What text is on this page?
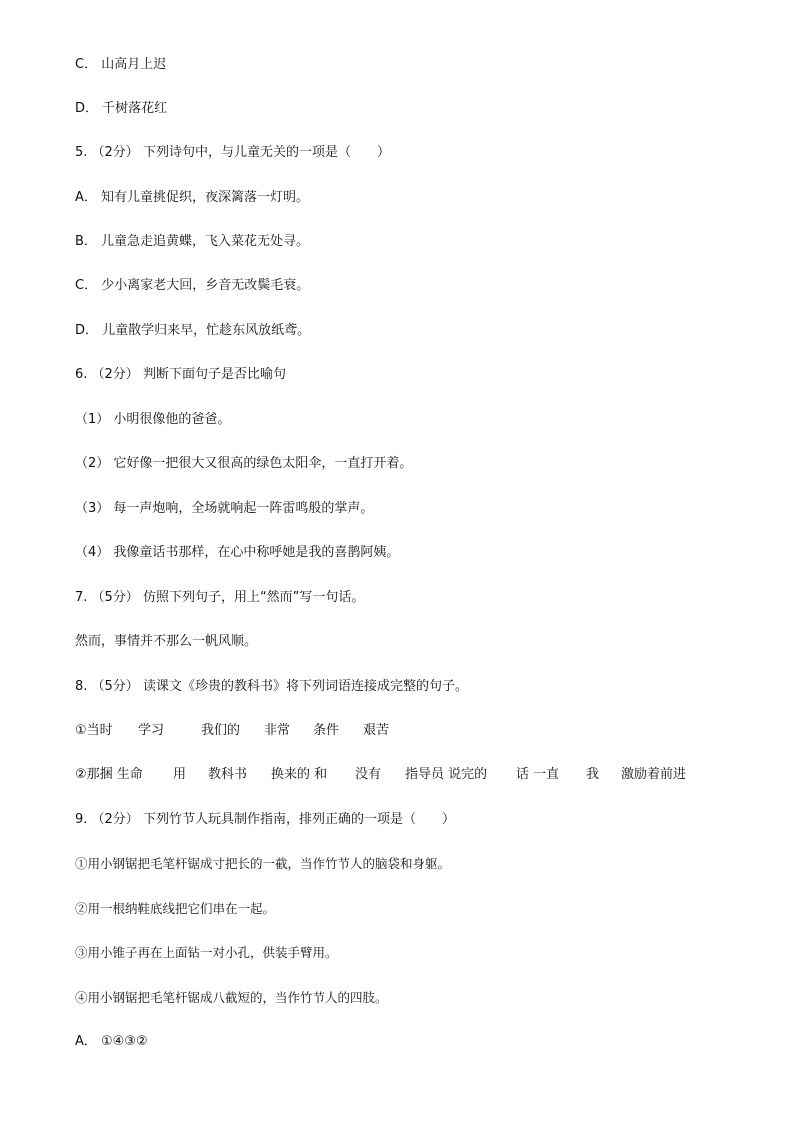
C． 山高月上迟
D． 千树落花红
5. （2分） 下列诗句中，与儿童无关的一项是（　　）
A． 知有儿童挑促织，夜深篱落一灯明。
B． 儿童急走追黄蝶，飞入菜花无处寻。
C． 少小离家老大回，乡音无改鬓毛衰。
D． 儿童散学归来早，忙趁东风放纸鸢。
6. （2分） 判断下面句子是否比喻句
（1） 小明很像他的爸爸。
（2） 它好像一把很大又很高的绿色太阳伞，一直打开着。
（3） 每一声炮响，全场就响起一阵雷鸣般的掌声。
（4） 我像童话书那样，在心中称呼她是我的喜鹊阿姨。
7. （5分） 仿照下列句子，用上“然而”写一句话。
然而，事情并不那么一帆风顺。
8. （5分） 读课文《珍贵的教科书》将下列词语连接成完整的句子。
①当时 学习	我们的 非常 条件 艰苦
②那捆 生命 用 教科书 换来的 和 没有 指导员 说完的 话 一直 我 激励着前进
9. （2分） 下列竹节人玩具制作指南，排列正确的一项是（　　）
①用小钢锯把毛笔杆锯成寸把长的一截，当作竹节人的脑袋和身躯。
②用一根纳鞋底线把它们串在一起。
③用小锥子再在上面钻一对小孔，供装手臂用。
④用小钢锯把毛笔杆锯成八截短的，当作竹节人的四肢。
A． ①④③②
